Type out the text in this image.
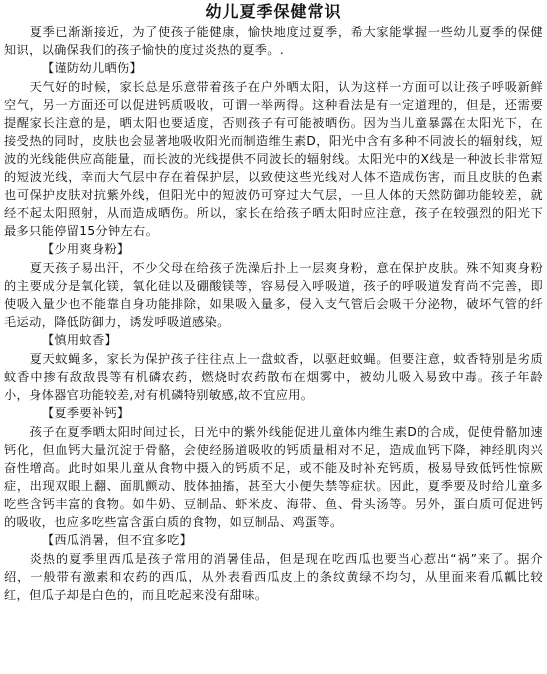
幼儿夏季保健常识

夏季已渐渐接近，为了使孩子能健康，愉快地度过夏季，希大家能掌握一些幼儿夏季的保健知识，以确保我们的孩子愉快的度过炎热的夏季。.

【谨防幼儿晒伤】

天气好的时候，家长总是乐意带着孩子在户外晒太阳，认为这样一方面可以让孩子呼吸新鲜空气，另一方面还可以促进钙质吸收，可谓一举两得。这种看法是有一定道理的，但是，还需要提醒家长注意的是，晒太阳也要适度，否则孩子有可能被晒伤。因为当儿童暴露在太阳光下，在接受热的同时，皮肤也会显著地吸收阳光而制造维生素D，阳光中含有多种不同波长的辐射线，短波的光线能供应高能量，而长波的光线提供不同波长的辐射线。太阳光中的X线是一种波长非常短的短波光线，幸而大气层中存在着保护层，以致使这些光线对人体不造成伤害，而且皮肤的色素也可保护皮肤对抗紫外线，但阳光中的短波仍可穿过大气层，一旦人体的天然防御功能较差，就经不起太阳照射，从而造成晒伤。所以，家长在给孩子晒太阳时应注意，孩子在较强烈的阳光下最多只能停留15分钟左右。

【少用爽身粉】

夏天孩子易出汗，不少父母在给孩子洗澡后扑上一层爽身粉，意在保护皮肤。殊不知爽身粉的主要成分是氧化镁，氧化硅以及硼酸镁等，容易侵入呼吸道，孩子的呼吸道发育尚不完善，即使吸入量少也不能靠自身功能排除，如果吸入量多，侵入支气管后会吸干分泌物，破坏气管的纤毛运动，降低防御力，诱发呼吸道感染。

【慎用蚊香】

夏天蚊蝇多，家长为保护孩子往往点上一盘蚊香，以驱赶蚊蝇。但要注意，蚊香特别是劣质蚊香中掺有敌敌畏等有机磷农药，燃烧时农药散布在烟雾中，被幼儿吸入易致中毒。孩子年龄小，身体器官功能较差,对有机磷特别敏感,故不宜应用。

【夏季要补钙】

孩子在夏季晒太阳时间过长，日光中的紫外线能促进儿童体内维生素D的合成，促使骨骼加速钙化，但血钙大量沉淀于骨骼，会使经肠道吸收的钙质量相对不足，造成血钙下降，神经肌肉兴奋性增高。此时如果儿童从食物中摄入的钙质不足，或不能及时补充钙质，极易导致低钙性惊厥症，出现双眼上翻、面肌颤动、肢体抽搐，甚至大小便失禁等症状。因此，夏季要及时给儿童多吃些含钙丰富的食物。如牛奶、豆制品、虾米皮、海带、鱼、骨头汤等。另外，蛋白质可促进钙的吸收，也应多吃些富含蛋白质的食物，如豆制品、鸡蛋等。

【西瓜消暑，但不宜多吃】

炎热的夏季里西瓜是孩子常用的消暑佳品，但是现在吃西瓜也要当心惹出“祸”来了。据介绍，一般带有激素和农药的西瓜，从外表看西瓜皮上的条纹黄绿不均匀，从里面来看瓜瓤比较红，但瓜子却是白色的，而且吃起来没有甜味。
